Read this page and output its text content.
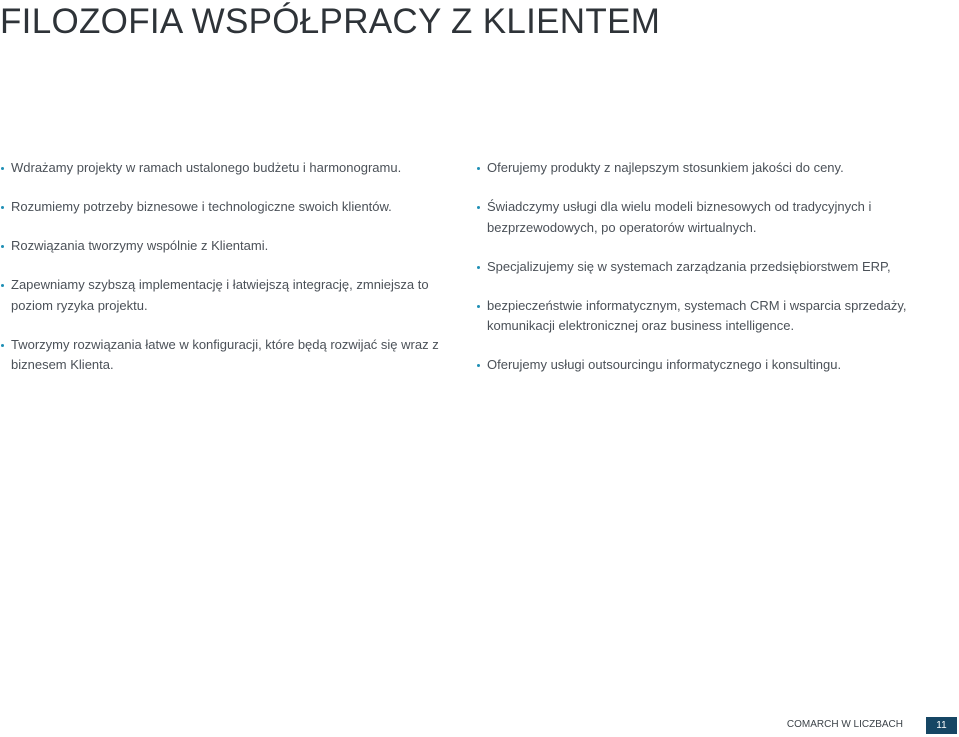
FILOZOFIA WSPÓŁPRACY Z KLIENTEM
Wdrażamy projekty w ramach ustalonego budżetu i harmonogramu.
Rozumiemy potrzeby biznesowe i technologiczne swoich klientów.
Rozwiązania tworzymy wspólnie z Klientami.
Zapewniamy szybszą implementację i łatwiejszą integrację, zmniejsza to poziom ryzyka projektu.
Tworzymy rozwiązania łatwe w konfiguracji, które będą rozwijać się wraz z biznesem Klienta.
Oferujemy produkty z najlepszym stosunkiem jakości do ceny.
Świadczymy usługi dla wielu modeli biznesowych od tradycyjnych i bezprzewodowych, po operatorów wirtualnych.
Specjalizujemy się w systemach zarządzania przedsiębiorstwem ERP,
bezpieczeństwie informatycznym, systemach CRM i wsparcia sprzedaży, komunikacji elektronicznej oraz business intelligence.
Oferujemy usługi outsourcingu informatycznego i konsultingu.
COMARCH W LICZBACH	11
